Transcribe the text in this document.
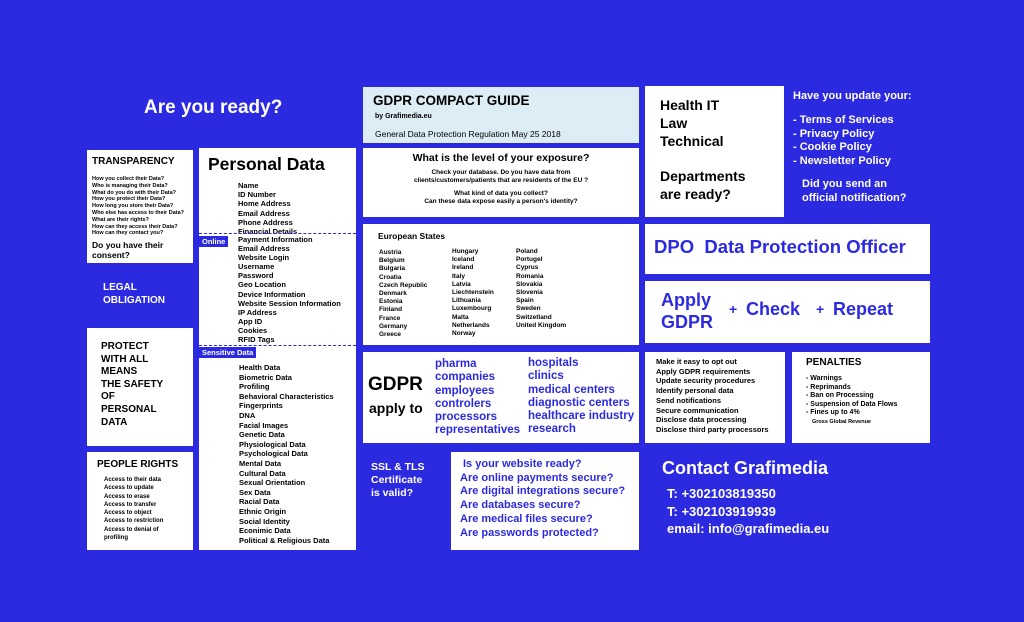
Are you ready?	GDPR COMPACT GUIDE
by Grafimedia.eu
General Data Protection Regulation May 25 2018
Health IT
Law
Technical
Departments
are ready?
Have you update your:
- Terms of Services
- Privacy Policy
- Cookie Policy
- Newsletter Policy
Did you send an
official notification?
TRANSPARENCY
How you collect their Data?
Who is managing their Data?
What do you do with their Data?
How you protect their Data?
How long you store their Data?
Who else has access to their Data?
What are their rights?
How can they access their Data?
How can they contact you?
Do you have their
consent?
LEGAL
OBLIGATION
PROTECT
WITH ALL
MEANS
THE SAFETY
OF
PERSONAL
DATA
PEOPLE RIGHTS
Access to their data
Access to update
Access to erase
Access to transfer
Access to object
Access to restriction
Access to denial of
profiling
Personal Data
Name
ID Number
Home Address
Email Address
Phone Address
Financial Details
Online	Payment Information
Email Address
Website Login
Username
Password
Geo Location
Device Information
Website Session Information
IP Address
App ID
Cookies
RFID Tags
Sensitive Data
Health Data
Biometric Data
Profiling
Behavioral Characteristics
Fingerprints
DNA
Facial Images
Genetic Data
Physiological Data
Psychological Data
Mental Data
Cultural Data
Sexual Orientation
Sex Data
Racial Data
Ethnic Origin
Social Identity
Econimic Data
Political & Religious Data
What is the level of your exposure?
Check your database. Do you have data from
clients/customers/patients that are residents of the EU ?
What kind of data you collect?
Can these data expose easily a person's identity?
European States
Austria
Belgium
Bulgaria
Croatia
Czech Republic
Denmark
Estonia
Finland
France
Germany
Greece
Hungary
Iceland
Ireland
Italy
Latvia
Liechtenstein
Lithuania
Luxembourg
Malta
Netherlands
Norway
Poland
Portugel
Cyprus
Romania
Slovakia
Slovenia
Spain
Sweden
Switzetland
United Kingdom
DPO  Data Protection Officer
Apply
GDPR
+ Check + Repeat
GDPR
apply to
pharma
companies
employees
controlers
processors
representatives
hospitals
clinics
medical centers
diagnostic centers
healthcare industry
research
Make it easy to opt out
Apply GDPR requirements
Update security procedures
Identify personal data
Send notifications
Secure communication
Disclose data processing
Disclose third party processors
PENALTIES
- Warnings
- Reprimands
- Ban on Processing
- Suspension of Data Flows
- Fines up to 4%
Gross Global Revenue
SSL & TLS
Certificate
is valid?
Is your website ready?
Are online payments secure?
Are digital integrations secure?
Are databases secure?
Are medical files secure?
Are passwords protected?
Contact Grafimedia
T: +302103819350
T: +302103919939
email: info@grafimedia.eu
